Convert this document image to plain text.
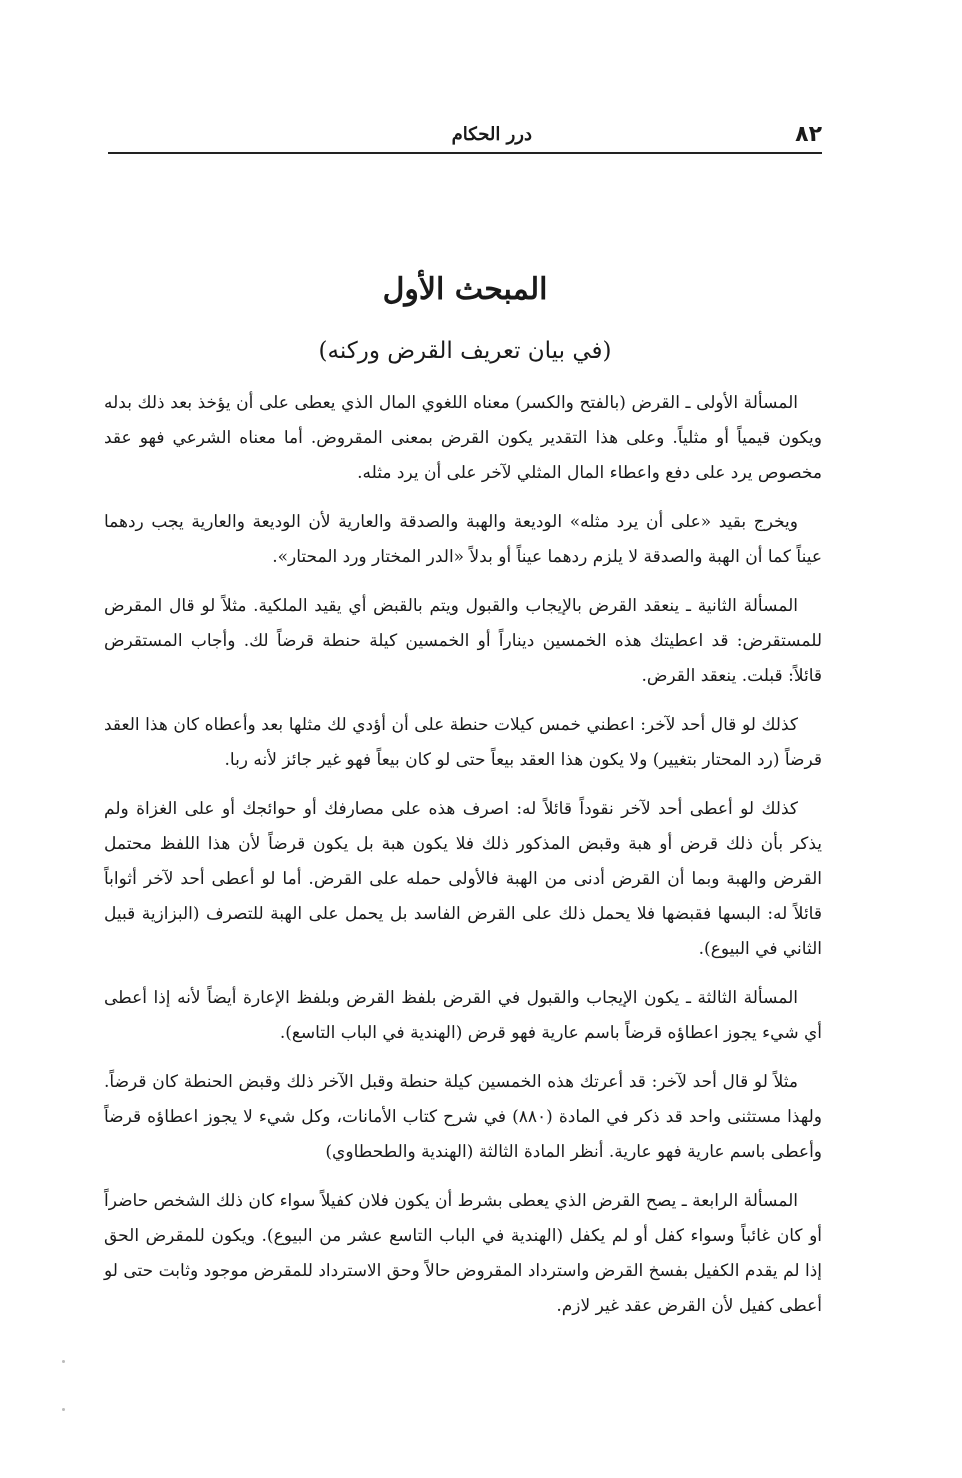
٨٢
درر الحكام
المبحث الأول
(في بيان تعريف القرض وركنه)

المسألة الأولى ـ القرض (بالفتح والكسر) معناه اللغوي المال الذي يعطى على أن يؤخذ بعد ذلك بدله ويكون قيمياً أو مثلياً. وعلى هذا التقدير يكون القرض بمعنى المقروض. أما معناه الشرعي فهو عقد مخصوص يرد على دفع واعطاء المال المثلي لآخر على أن يرد مثله.

ويخرج بقيد «على أن يرد مثله» الوديعة والهبة والصدقة والعارية لأن الوديعة والعارية يجب ردهما عيناً كما أن الهبة والصدقة لا يلزم ردهما عيناً أو بدلاً «الدر المختار ورد المحتار».

المسألة الثانية ـ ينعقد القرض بالإيجاب والقبول ويتم بالقبض أي يقيد الملكية. مثلاً لو قال المقرض للمستقرض: قد اعطيتك هذه الخمسين ديناراً أو الخمسين كيلة حنطة قرضاً لك. وأجاب المستقرض قائلاً: قبلت. ينعقد القرض.

كذلك لو قال أحد لآخر: اعطني خمس كيلات حنطة على أن أؤدي لك مثلها بعد وأعطاه كان هذا العقد قرضاً (رد المحتار بتغيير) ولا يكون هذا العقد بيعاً حتى لو كان بيعاً فهو غير جائز لأنه ربا.

كذلك لو أعطى أحد لآخر نقوداً قائلاً له: اصرف هذه على مصارفك أو حوائجك أو على الغزاة ولم يذكر بأن ذلك قرض أو هبة وقبض المذكور ذلك فلا يكون هبة بل يكون قرضاً لأن هذا اللفظ محتمل القرض والهبة وبما أن القرض أدنى من الهبة فالأولى حمله على القرض. أما لو أعطى أحد لآخر أثواباً قائلاً له: البسها فقبضها فلا يحمل ذلك على القرض الفاسد بل يحمل على الهبة للتصرف (البزازية قبيل الثاني في البيوع).

المسألة الثالثة ـ يكون الإيجاب والقبول في القرض بلفظ القرض وبلفظ الإعارة أيضاً لأنه إذا أعطى أي شيء يجوز اعطاؤه قرضاً باسم عارية فهو قرض (الهندية في الباب التاسع).

مثلاً لو قال أحد لآخر: قد أعرتك هذه الخمسين كيلة حنطة وقبل الآخر ذلك وقبض الحنطة كان قرضاً. ولهذا مستثنى واحد قد ذكر في المادة (٨٨٠) في شرح كتاب الأمانات، وكل شيء لا يجوز اعطاؤه قرضاً وأعطى باسم عارية فهو عارية. أنظر المادة الثالثة (الهندية والطحطاوي)

المسألة الرابعة ـ يصح القرض الذي يعطى بشرط أن يكون فلان كفيلاً سواء كان ذلك الشخص حاضراً أو كان غائباً وسواء كفل أو لم يكفل (الهندية في الباب التاسع عشر من البيوع). ويكون للمقرض الحق إذا لم يقدم الكفيل بفسخ القرض واسترداد المقروض حالاً وحق الاسترداد للمقرض موجود وثابت حتى لو أعطى كفيل لأن القرض عقد غير لازم.
